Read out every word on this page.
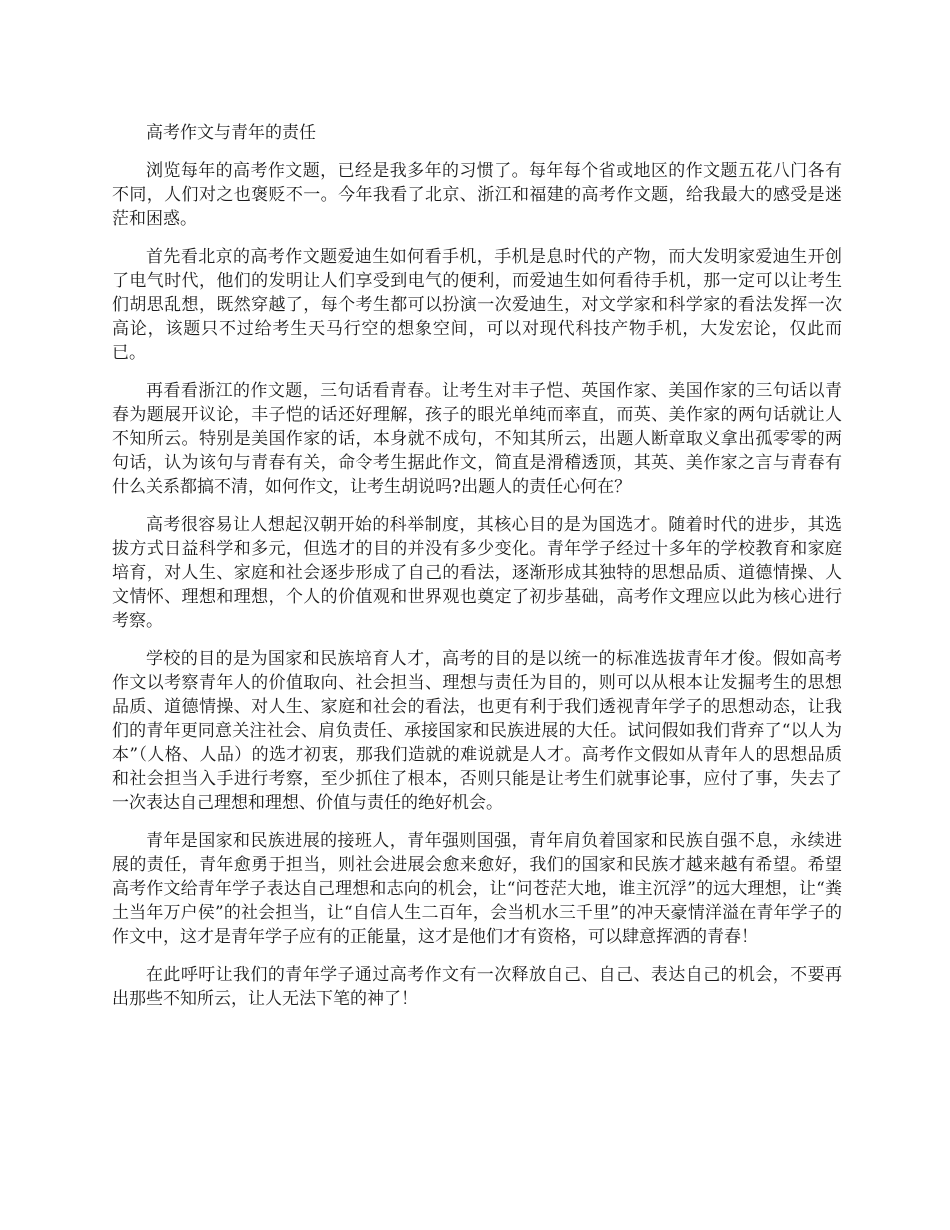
高考作文与青年的责任

浏览每年的高考作文题，已经是我多年的习惯了。每年每个省或地区的作文题五花八门各有不同，人们对之也褒贬不一。今年我看了北京、浙江和福建的高考作文题，给我最大的感受是迷茫和困惑。

首先看北京的高考作文题爱迪生如何看手机，手机是息时代的产物，而大发明家爱迪生开创了电气时代，他们的发明让人们享受到电气的便利，而爱迪生如何看待手机，那一定可以让考生们胡思乱想，既然穿越了，每个考生都可以扮演一次爱迪生，对文学家和科学家的看法发挥一次高论，该题只不过给考生天马行空的想象空间，可以对现代科技产物手机，大发宏论，仅此而已。

再看看浙江的作文题，三句话看青春。让考生对丰子恺、英国作家、美国作家的三句话以青春为题展开议论，丰子恺的话还好理解，孩子的眼光单纯而率直，而英、美作家的两句话就让人不知所云。特别是美国作家的话，本身就不成句，不知其所云，出题人断章取义拿出孤零零的两句话，认为该句与青春有关，命令考生据此作文，简直是滑稽透顶，其英、美作家之言与青春有什么关系都搞不清，如何作文，让考生胡说吗?出题人的责任心何在？

高考很容易让人想起汉朝开始的科举制度，其核心目的是为国选才。随着时代的进步，其选拔方式日益科学和多元，但选才的目的并没有多少变化。青年学子经过十多年的学校教育和家庭培育，对人生、家庭和社会逐步形成了自己的看法，逐渐形成其独特的思想品质、道德情操、人文情怀、理想和理想，个人的价值观和世界观也奠定了初步基础，高考作文理应以此为核心进行考察。

学校的目的是为国家和民族培育人才，高考的目的是以统一的标准选拔青年才俊。假如高考作文以考察青年人的价值取向、社会担当、理想与责任为目的，则可以从根本让发掘考生的思想品质、道德情操、对人生、家庭和社会的看法，也更有利于我们透视青年学子的思想动态，让我们的青年更同意关注社会、肩负责任、承接国家和民族进展的大任。试问假如我们背弃了“以人为本”（人格、人品）的选才初衷，那我们造就的难说就是人才。高考作文假如从青年人的思想品质和社会担当入手进行考察，至少抓住了根本，否则只能是让考生们就事论事，应付了事，失去了一次表达自己理想和理想、价值与责任的绝好机会。

青年是国家和民族进展的接班人，青年强则国强，青年肩负着国家和民族自强不息，永续进展的责任，青年愈勇于担当，则社会进展会愈来愈好，我们的国家和民族才越来越有希望。希望高考作文给青年学子表达自己理想和志向的机会，让“问苍茫大地，谁主沉浮”的远大理想，让“粪土当年万户侯”的社会担当，让“自信人生二百年，会当机水三千里”的冲天豪情洋溢在青年学子的作文中，这才是青年学子应有的正能量，这才是他们才有资格，可以肆意挥洒的青春！

在此呼吁让我们的青年学子通过高考作文有一次释放自己、自己、表达自己的机会，不要再出那些不知所云，让人无法下笔的神了！
